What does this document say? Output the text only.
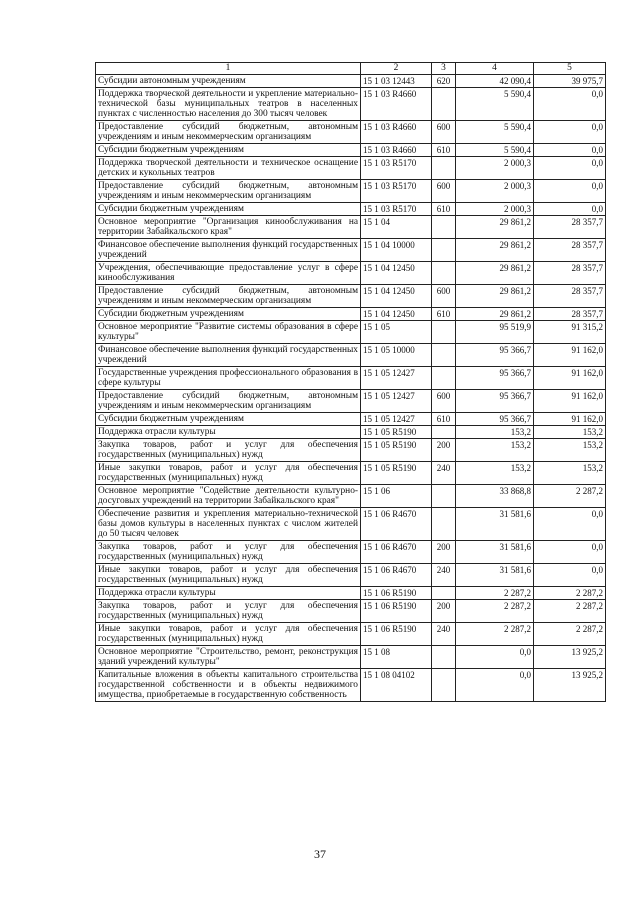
1	2	3	4	5
Субсидии автономным учреждениям	15 1 03 12443	620	42 090,4	39 975,7
Поддержка творческой деятельности и укрепление материально-технической базы муниципальных театров в населенных пунктах с численностью населения до 300 тысяч человек	15 1 03 R4660		5 590,4	0,0
Предоставление субсидий бюджетным, автономным учреждениям и иным некоммерческим организациям	15 1 03 R4660	600	5 590,4	0,0
Субсидии бюджетным учреждениям	15 1 03 R4660	610	5 590,4	0,0
Поддержка творческой деятельности и техническое оснащение детских и кукольных театров	15 1 03 R5170		2 000,3	0,0
Предоставление субсидий бюджетным, автономным учреждениям и иным некоммерческим организациям	15 1 03 R5170	600	2 000,3	0,0
Субсидии бюджетным учреждениям	15 1 03 R5170	610	2 000,3	0,0
Основное мероприятие "Организация кинообслуживания на территории Забайкальского края"	15 1 04		29 861,2	28 357,7
Финансовое обеспечение выполнения функций государственных учреждений	15 1 04 10000		29 861,2	28 357,7
Учреждения, обеспечивающие предоставление услуг в сфере кинообслуживания	15 1 04 12450		29 861,2	28 357,7
Предоставление субсидий бюджетным, автономным учреждениям и иным некоммерческим организациям	15 1 04 12450	600	29 861,2	28 357,7
Субсидии бюджетным учреждениям	15 1 04 12450	610	29 861,2	28 357,7
Основное мероприятие "Развитие системы образования в сфере культуры"	15 1 05		95 519,9	91 315,2
Финансовое обеспечение выполнения функций государственных учреждений	15 1 05 10000		95 366,7	91 162,0
Государственные учреждения профессионального образования в сфере культуры	15 1 05 12427		95 366,7	91 162,0
Предоставление субсидий бюджетным, автономным учреждениям и иным некоммерческим организациям	15 1 05 12427	600	95 366,7	91 162,0
Субсидии бюджетным учреждениям	15 1 05 12427	610	95 366,7	91 162,0
Поддержка отрасли культуры	15 1 05 R5190		153,2	153,2
Закупка товаров, работ и услуг для обеспечения государственных (муниципальных) нужд	15 1 05 R5190	200	153,2	153,2
Иные закупки товаров, работ и услуг для обеспечения государственных (муниципальных) нужд	15 1 05 R5190	240	153,2	153,2
Основное мероприятие "Содействие деятельности культурно-досуговых учреждений на территории Забайкальского края"	15 1 06		33 868,8	2 287,2
Обеспечение развития и укрепления материально-технической базы домов культуры в населенных пунктах с числом жителей до 50 тысяч человек	15 1 06 R4670		31 581,6	0,0
Закупка товаров, работ и услуг для обеспечения государственных (муниципальных) нужд	15 1 06 R4670	200	31 581,6	0,0
Иные закупки товаров, работ и услуг для обеспечения государственных (муниципальных) нужд	15 1 06 R4670	240	31 581,6	0,0
Поддержка отрасли культуры	15 1 06 R5190		2 287,2	2 287,2
Закупка товаров, работ и услуг для обеспечения государственных (муниципальных) нужд	15 1 06 R5190	200	2 287,2	2 287,2
Иные закупки товаров, работ и услуг для обеспечения государственных (муниципальных) нужд	15 1 06 R5190	240	2 287,2	2 287,2
Основное мероприятие "Строительство, ремонт, реконструкция зданий учреждений культуры"	15 1 08		0,0	13 925,2
Капитальные вложения в объекты капитального строительства государственной собственности и в объекты недвижимого имущества, приобретаемые в государственную собственность	15 1 08 04102		0,0	13 925,2
37
